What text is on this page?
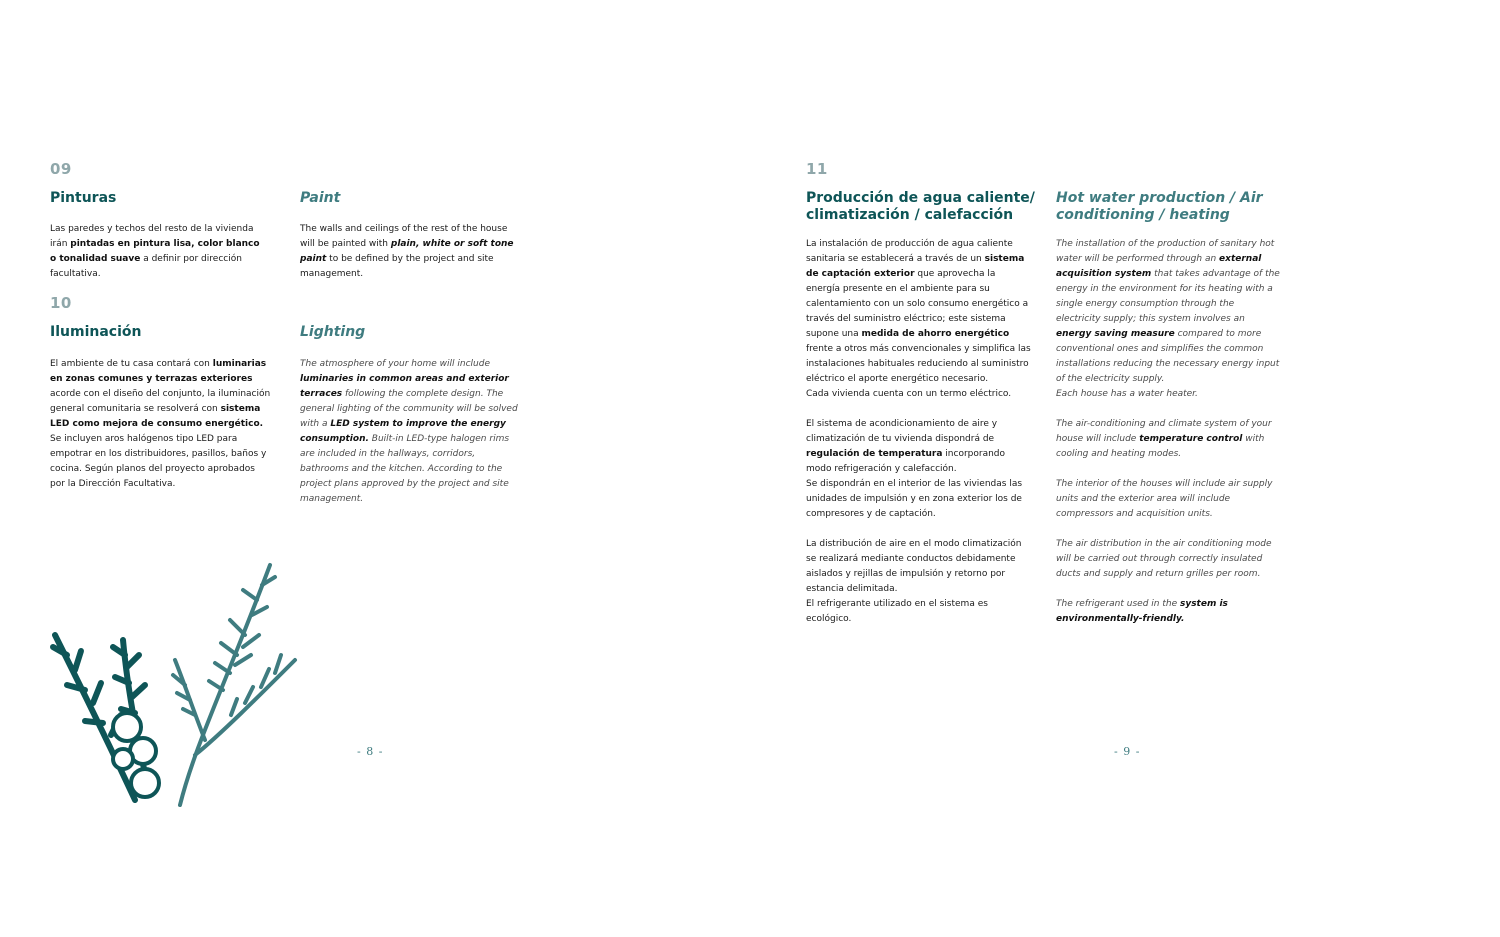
09
Pinturas	Paint

Las paredes y techos del resto de la vivienda irán pintadas en pintura lisa, color blanco o tonalidad suave a definir por dirección facultativa.

The walls and ceilings of the rest of the house will be painted with plain, white or soft tone paint to be defined by the project and site management.

10
Iluminación	Lighting

El ambiente de tu casa contará con luminarias en zonas comunes y terrazas exteriores acorde con el diseño del conjunto, la iluminación general comunitaria se resolverá con sistema LED como mejora de consumo energético. Se incluyen aros halógenos tipo LED para empotrar en los distribuidores, pasillos, baños y cocina. Según planos del proyecto aprobados por la Dirección Facultativa.

The atmosphere of your home will include luminaries in common areas and exterior terraces following the complete design. The general lighting of the community will be solved with a LED system to improve the energy consumption. Built-in LED-type halogen rims are included in the hallways, corridors, bathrooms and the kitchen. According to the project plans approved by the project and site management.

- 8 -
11
Producción de agua caliente/
climatización / calefacción
Hot water production / Air
conditioning / heating

La instalación de producción de agua caliente sanitaria se establecerá a través de un sistema de captación exterior que aprovecha la energía presente en el ambiente para su calentamiento con un solo consumo energético a través del suministro eléctrico; este sistema supone una medida de ahorro energético frente a otros más convencionales y simplifica las instalaciones habituales reduciendo al suministro eléctrico el aporte energético necesario.

Cada vivienda cuenta con un termo eléctrico.

El sistema de acondicionamiento de aire y climatización de tu vivienda dispondrá de regulación de temperatura incorporando modo refrigeración y calefacción.

Se dispondrán en el interior de las viviendas las unidades de impulsión y en zona exterior los de compresores y de captación.

La distribución de aire en el modo climatización se realizará mediante conductos debidamente aislados y rejillas de impulsión y retorno por estancia delimitada.

El refrigerante utilizado en el sistema es ecológico.

The installation of the production of sanitary hot water will be performed through an external acquisition system that takes advantage of the energy in the environment for its heating with a single energy consumption through the electricity supply; this system involves an energy saving measure compared to more conventional ones and simplifies the common installations reducing the necessary energy input of the electricity supply.

Each house has a water heater.

The air-conditioning and climate system of your house will include temperature control with cooling and heating modes.

The interior of the houses will include air supply units and the exterior area will include compressors and acquisition units.

The air distribution in the air conditioning mode will be carried out through correctly insulated ducts and supply and return grilles per room.

The refrigerant used in the system is environmentally-friendly.

- 9 -
